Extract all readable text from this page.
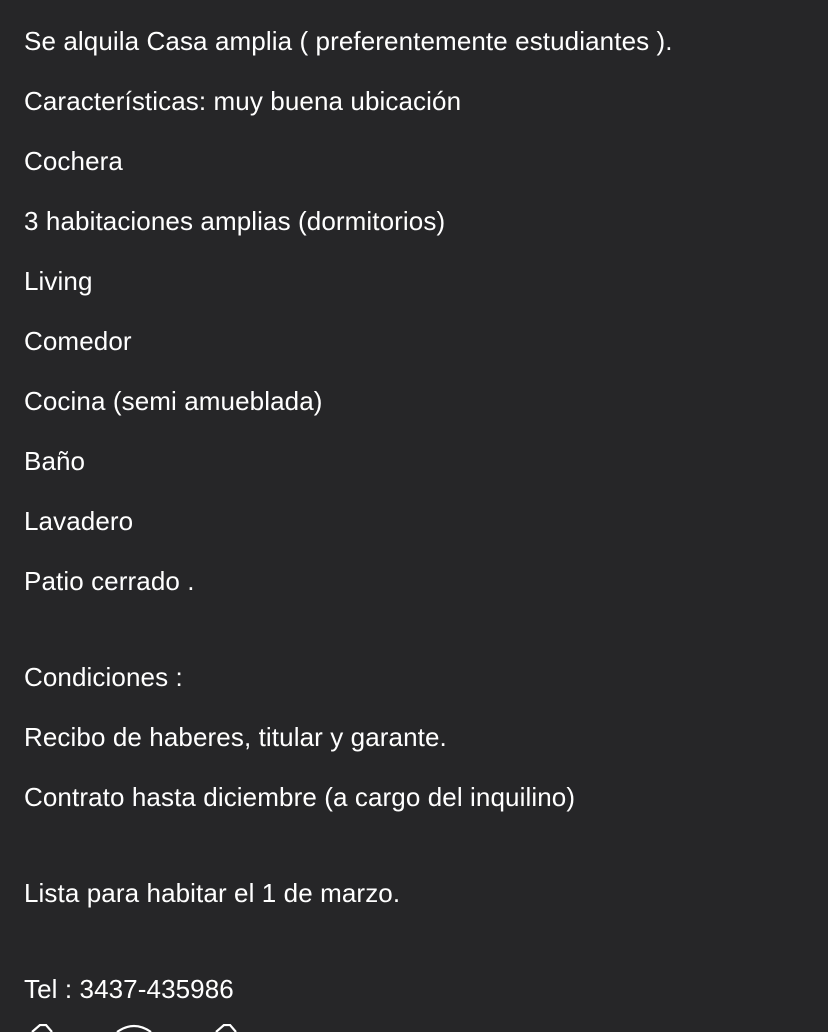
Se alquila Casa amplia ( preferentemente estudiantes ).
Características: muy buena ubicación
Cochera
3 habitaciones amplias (dormitorios)
Living
Comedor
Cocina (semi amueblada)
Baño
Lavadero
Patio cerrado .
Condiciones :
Recibo de haberes, titular y garante.
Contrato hasta diciembre (a cargo del inquilino)
Lista para habitar el 1 de marzo.
Tel : 3437-435986
